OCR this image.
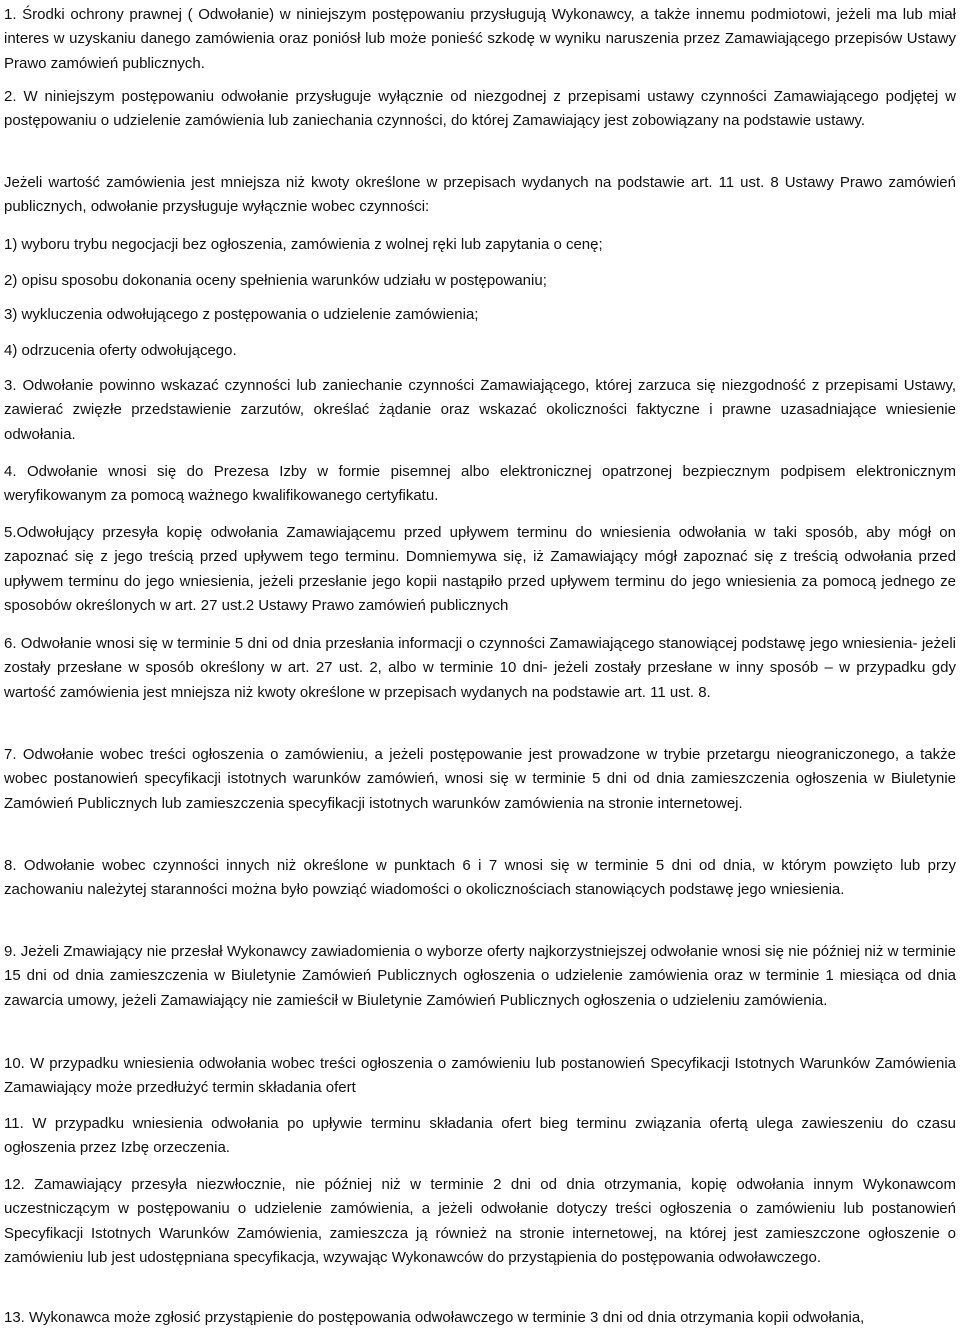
1. Środki ochrony prawnej ( Odwołanie) w niniejszym postępowaniu przysługują Wykonawcy, a także innemu podmiotowi, jeżeli ma lub miał interes w uzyskaniu danego zamówienia oraz poniósł lub może ponieść szkodę w wyniku naruszenia przez Zamawiającego przepisów Ustawy Prawo zamówień publicznych.

2. W niniejszym postępowaniu odwołanie przysługuje wyłącznie od niezgodnej z przepisami ustawy czynności Zamawiającego podjętej w postępowaniu o udzielenie zamówienia lub zaniechania czynności, do której Zamawiający jest zobowiązany na podstawie ustawy.

Jeżeli wartość zamówienia jest mniejsza niż kwoty określone w przepisach wydanych na podstawie art. 11 ust. 8 Ustawy Prawo zamówień publicznych, odwołanie przysługuje wyłącznie wobec czynności:

1) wyboru trybu negocjacji bez ogłoszenia, zamówienia z wolnej ręki lub zapytania o cenę;

2) opisu sposobu dokonania oceny spełnienia warunków udziału w postępowaniu;

3) wykluczenia odwołującego z postępowania o udzielenie zamówienia;

4) odrzucenia oferty odwołującego.

3. Odwołanie powinno wskazać czynności lub zaniechanie czynności Zamawiającego, której zarzuca się niezgodność z przepisami Ustawy, zawierać zwięzłe przedstawienie zarzutów, określać żądanie oraz wskazać okoliczności faktyczne i prawne uzasadniające wniesienie odwołania.

4. Odwołanie wnosi się do Prezesa Izby w formie pisemnej albo elektronicznej opatrzonej bezpiecznym podpisem elektronicznym weryfikowanym za pomocą ważnego kwalifikowanego certyfikatu.

5.Odwołujący przesyła kopię odwołania Zamawiającemu przed upływem terminu do wniesienia odwołania w taki sposób, aby mógł on zapoznać się z jego treścią przed upływem tego terminu. Domniemywa się, iż Zamawiający mógł zapoznać się z treścią odwołania przed upływem terminu do jego wniesienia, jeżeli przesłanie jego kopii nastąpiło przed upływem terminu do jego wniesienia za pomocą jednego ze sposobów określonych w art. 27 ust.2 Ustawy Prawo zamówień publicznych

6. Odwołanie wnosi się w terminie 5 dni od dnia przesłania informacji o czynności Zamawiającego stanowiącej podstawę jego wniesienia- jeżeli zostały przesłane w sposób określony w art. 27 ust. 2, albo w terminie 10 dni- jeżeli zostały przesłane w inny sposób – w przypadku gdy wartość zamówienia jest mniejsza niż kwoty określone w przepisach wydanych na podstawie art. 11 ust. 8.

7. Odwołanie wobec treści ogłoszenia o zamówieniu, a jeżeli postępowanie jest prowadzone w trybie przetargu nieograniczonego, a także wobec postanowień specyfikacji istotnych warunków zamówień, wnosi się w terminie 5 dni od dnia zamieszczenia ogłoszenia w Biuletynie Zamówień Publicznych lub zamieszczenia specyfikacji istotnych warunków zamówienia na stronie internetowej.

8. Odwołanie wobec czynności innych niż określone w punktach 6 i 7 wnosi się w terminie 5 dni od dnia, w którym powzięto lub przy zachowaniu należytej staranności można było powziąć wiadomości o okolicznościach stanowiących podstawę jego wniesienia.

9. Jeżeli Zmawiający nie przesłał Wykonawcy zawiadomienia o wyborze oferty najkorzystniejszej odwołanie wnosi się nie później niż w terminie 15 dni od dnia zamieszczenia w Biuletynie Zamówień Publicznych ogłoszenia o udzielenie zamówienia oraz w terminie 1 miesiąca od dnia zawarcia umowy, jeżeli Zamawiający nie zamieścił w Biuletynie Zamówień Publicznych ogłoszenia o udzieleniu zamówienia.

10. W przypadku wniesienia odwołania wobec treści ogłoszenia o zamówieniu lub postanowień Specyfikacji Istotnych Warunków Zamówienia Zamawiający może przedłużyć termin składania ofert

11. W przypadku wniesienia odwołania po upływie terminu składania ofert bieg terminu związania ofertą ulega zawieszeniu do czasu ogłoszenia przez Izbę orzeczenia.

12. Zamawiający przesyła niezwłocznie, nie później niż w terminie 2 dni od dnia otrzymania, kopię odwołania innym Wykonawcom uczestniczącym w postępowaniu o udzielenie zamówienia, a jeżeli odwołanie dotyczy treści ogłoszenia o zamówieniu lub postanowień Specyfikacji Istotnych Warunków Zamówienia, zamieszcza ją również na stronie internetowej, na której jest zamieszczone ogłoszenie o zamówieniu lub jest udostępniana specyfikacja, wzywając Wykonawców do przystąpienia do postępowania odwoławczego.

13. Wykonawca może zgłosić przystąpienie do postępowania odwoławczego w terminie 3 dni od dnia otrzymania kopii odwołania,
